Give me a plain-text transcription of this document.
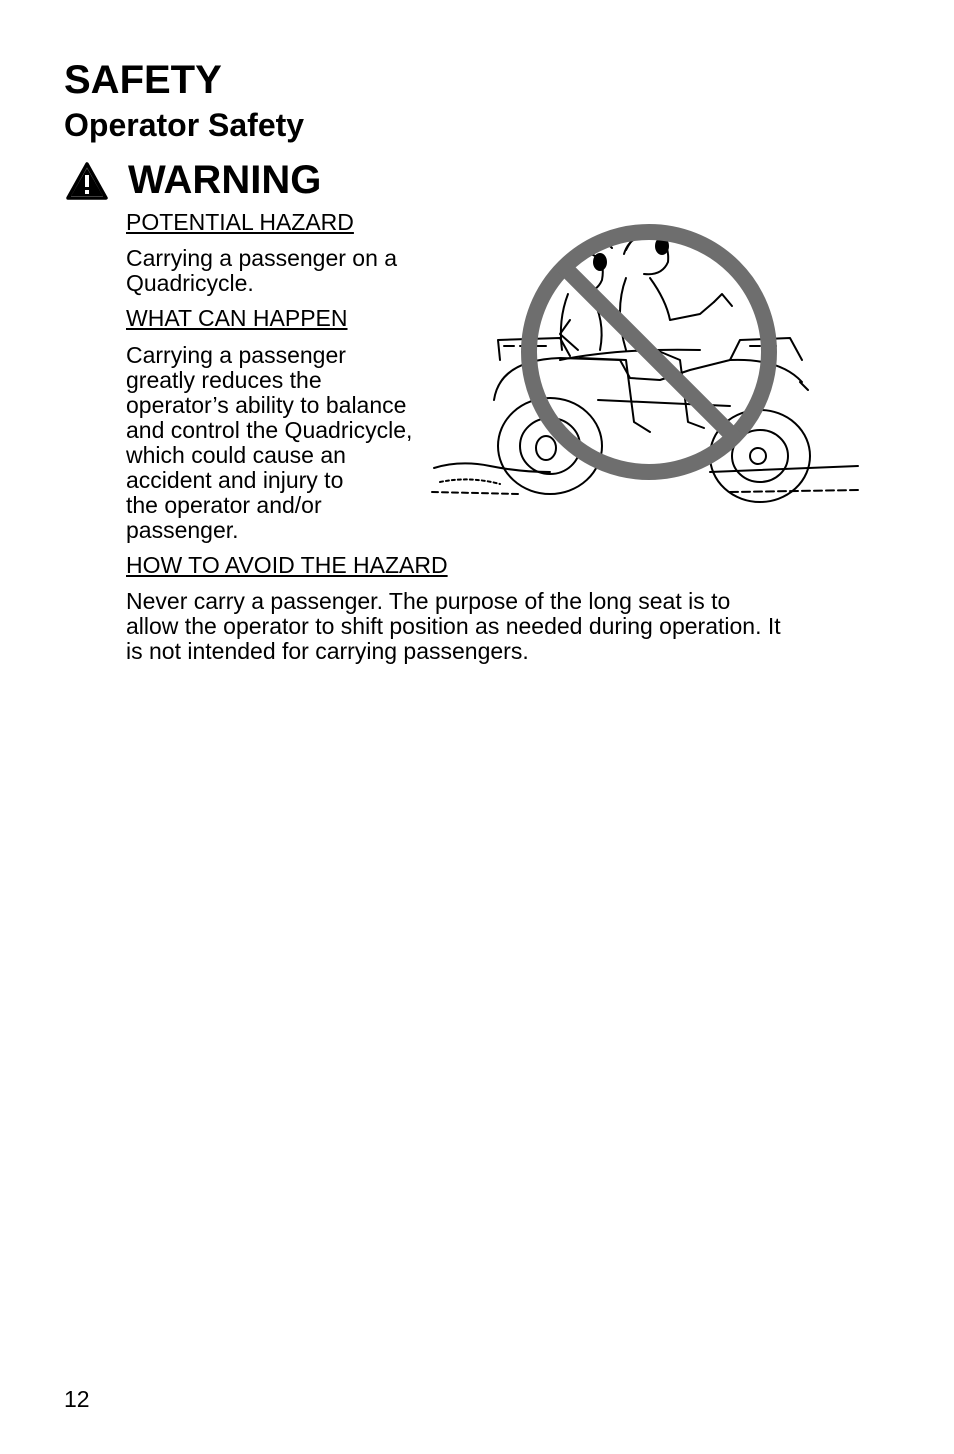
SAFETY
Operator Safety
WARNING

POTENTIAL HAZARD

Carrying a passenger on a
Quadricycle.

WHAT CAN HAPPEN

Carrying a passenger
greatly reduces the
operator’s ability to balance
and control the Quadricycle,
which could cause an
accident and injury to
the operator and/or
passenger.

HOW TO AVOID THE HAZARD

Never carry a passenger. The purpose of the long seat is to
allow the operator to shift position as needed during operation. It
is not intended for carrying passengers.

12
